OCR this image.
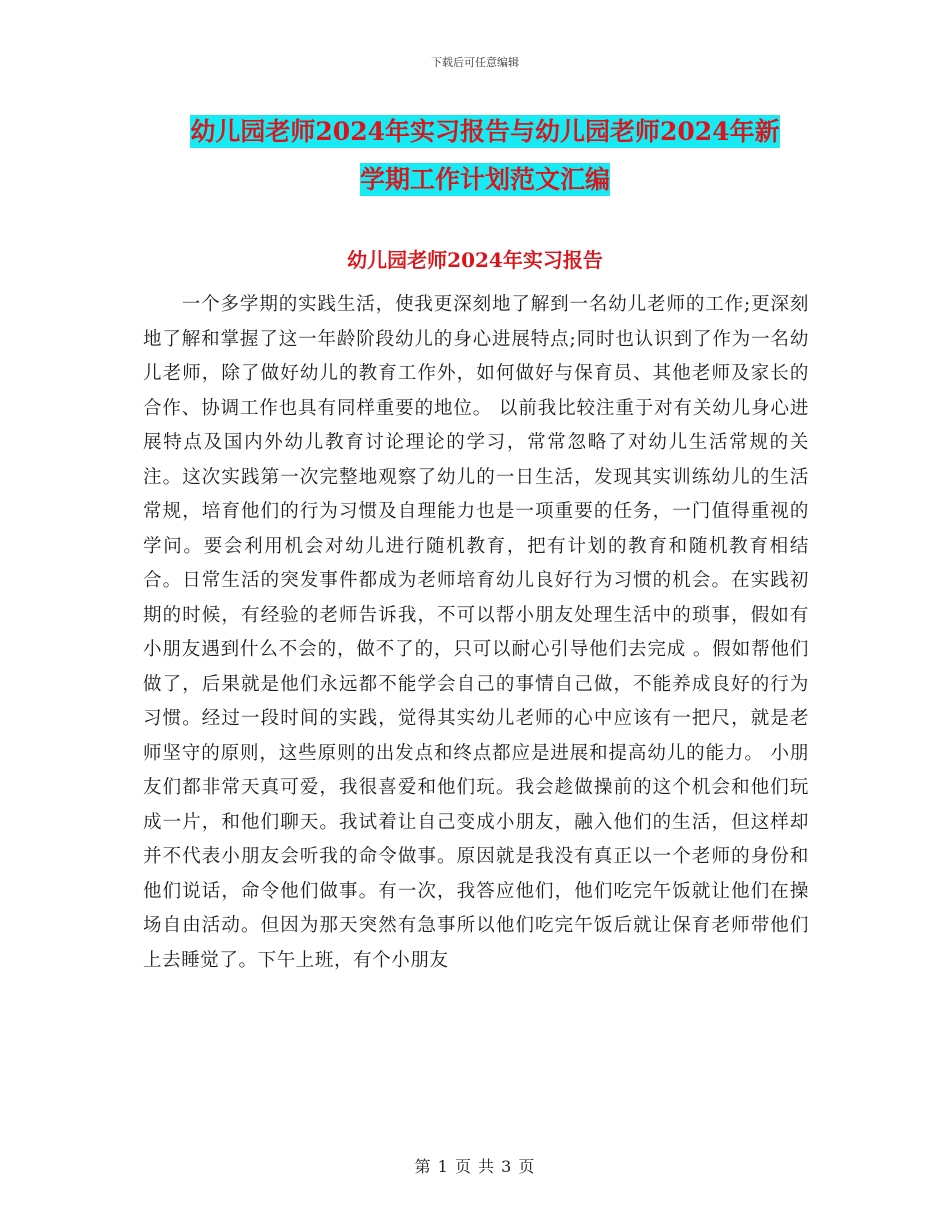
下载后可任意编辑
幼儿园老师2024年实习报告与幼儿园老师2024年新
学期工作计划范文汇编
幼儿园老师2024年实习报告
　　一个多学期的实践生活，使我更深刻地了解到一名幼儿老师的工作;更深刻地了解和掌握了这一年龄阶段幼儿的身心进展特点;同时也认识到了作为一名幼儿老师，除了做好幼儿的教育工作外，如何做好与保育员、其他老师及家长的合作、协调工作也具有同样重要的地位。 以前我比较注重于对有关幼儿身心进展特点及国内外幼儿教育讨论理论的学习，常常忽略了对幼儿生活常规的关注。这次实践第一次完整地观察了幼儿的一日生活，发现其实训练幼儿的生活常规，培育他们的行为习惯及自理能力也是一项重要的任务，一门值得重视的学问。要会利用机会对幼儿进行随机教育，把有计划的教育和随机教育相结合。日常生活的突发事件都成为老师培育幼儿良好行为习惯的机会。在实践初期的时候，有经验的老师告诉我，不可以帮小朋友处理生活中的琐事，假如有小朋友遇到什么不会的，做不了的，只可以耐心引导他们去完成 。假如帮他们做了，后果就是他们永远都不能学会自己的事情自己做，不能养成良好的行为习惯。经过一段时间的实践，觉得其实幼儿老师的心中应该有一把尺，就是老师坚守的原则，这些原则的出发点和终点都应是进展和提高幼儿的能力。 小朋友们都非常天真可爱，我很喜爱和他们玩。我会趁做操前的这个机会和他们玩成一片，和他们聊天。我试着让自己变成小朋友，融入他们的生活，但这样却并不代表小朋友会听我的命令做事。原因就是我没有真正以一个老师的身份和他们说话，命令他们做事。有一次，我答应他们，他们吃完午饭就让他们在操场自由活动。但因为那天突然有急事所以他们吃完午饭后就让保育老师带他们上去睡觉了。下午上班，有个小朋友
第 1 页 共 3 页
